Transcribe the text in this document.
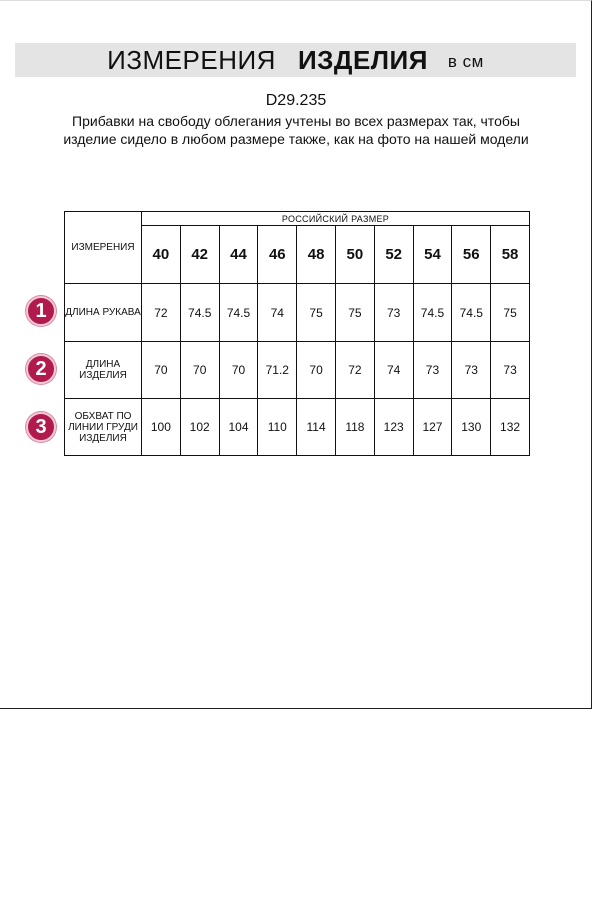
ИЗМЕРЕНИЯ ИЗДЕЛИЯ в см
D29.235
Прибавки на свободу облегания учтены во всех размерах так, чтобы изделие сидело в любом размере также, как на фото на нашей модели
1
2
3
ИЗМЕРЕНИЯ	РОССИЙСКИЙ РАЗМЕР									
	40	42	44	46	48	50	52	54	56	58
ДЛИНА РУКАВА	72	74.5	74.5	74	75	75	73	74.5	74.5	75
ДЛИНА ИЗДЕЛИЯ	70	70	70	71.2	70	72	74	73	73	73
ОБХВАТ ПО ЛИНИИ ГРУДИ ИЗДЕЛИЯ	100	102	104	110	114	118	123	127	130	132
